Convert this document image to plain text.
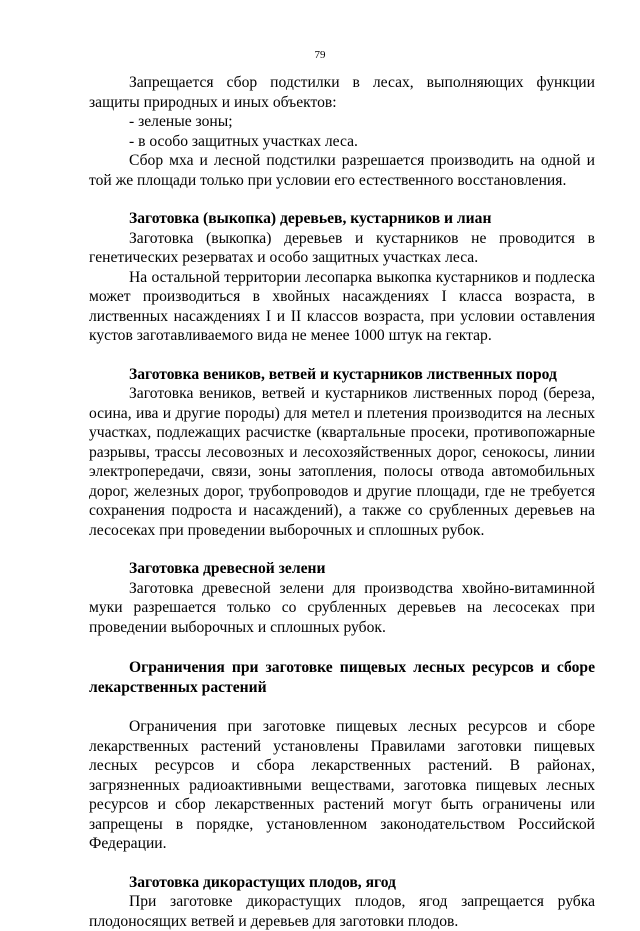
79

Запрещается сбор подстилки в лесах, выполняющих функции защиты природных и иных объектов:

- зеленые зоны;

- в особо защитных участках леса.

Сбор мха и лесной подстилки разрешается производить на одной и той же площади только при условии его естественного восстановления.

Заготовка (выкопка) деревьев, кустарников и лиан

Заготовка (выкопка) деревьев и кустарников не проводится в генетических резерватах и особо защитных участках леса.

На остальной территории лесопарка выкопка кустарников и подлеска может производиться в хвойных насаждениях I класса возраста, в лиственных насаждениях I и II классов возраста, при условии оставления кустов заготавливаемого вида не менее 1000 штук на гектар.

Заготовка веников, ветвей и кустарников лиственных пород

Заготовка веников, ветвей и кустарников лиственных пород (береза, осина, ива и другие породы) для метел и плетения производится на лесных участках, подлежащих расчистке (квартальные просеки, противопожарные разрывы, трассы лесовозных и лесохозяйственных дорог, сенокосы, линии электропередачи, связи, зоны затопления, полосы отвода автомобильных дорог, железных дорог, трубопроводов и другие площади, где не требуется сохранения подроста и насаждений), а также со срубленных деревьев на лесосеках при проведении выборочных и сплошных рубок.

Заготовка древесной зелени

Заготовка древесной зелени для производства хвойно-витаминной муки разрешается только со срубленных деревьев на лесосеках при проведении выборочных и сплошных рубок.

Ограничения при заготовке пищевых лесных ресурсов и сборе лекарственных растений

Ограничения при заготовке пищевых лесных ресурсов и сборе лекарственных растений установлены Правилами заготовки пищевых лесных ресурсов и сбора лекарственных растений. В районах, загрязненных радиоактивными веществами, заготовка пищевых лесных ресурсов и сбор лекарственных растений могут быть ограничены или запрещены в порядке, установленном законодательством Российской Федерации.

Заготовка дикорастущих плодов, ягод

При заготовке дикорастущих плодов, ягод запрещается рубка плодоносящих ветвей и деревьев для заготовки плодов.
